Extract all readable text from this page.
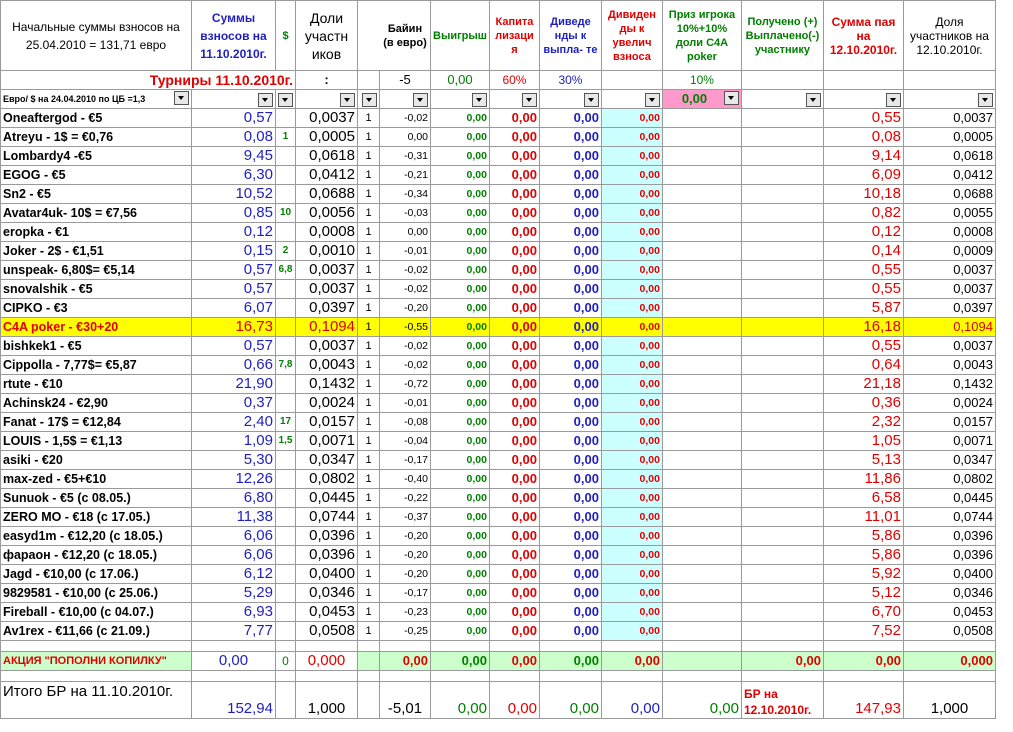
Начальные суммы взносов на 25.04.2010 = 131,71 евро	Суммы взносов на 11.10.2010г.	$	Доли участн иков	Байин (в евро)		Выигрыш	Капита лизаци я	Диведе нды к выпла- те	Дивиден ды к увелич взноса	Приз игрока 10%+10% доли C4A poker	Получено (+) Выплачено(-) участнику	Сумма пая на 12.10.2010г.	Доля участников на 12.10.2010г.
Турниры 11.10.2010г.			:		-5	0,00	60%	30%		10%			
Евро/ $ на 24.04.2010 по ЦБ =1,3										0,00

Oneaftergod - €5	0,57		0,0037	1	-0,02	0,00	0,00	0,00	0,00			0,55	0,0037
Atreyu - 1$ = €0,76	0,08	1	0,0005	1	0,00	0,00	0,00	0,00	0,00			0,08	0,0005
Lombardy4 -€5	9,45		0,0618	1	-0,31	0,00	0,00	0,00	0,00			9,14	0,0618
EGOG - €5	6,30		0,0412	1	-0,21	0,00	0,00	0,00	0,00			6,09	0,0412
Sn2 - €5	10,52		0,0688	1	-0,34	0,00	0,00	0,00	0,00			10,18	0,0688
Avatar4uk- 10$ = €7,56	0,85	10	0,0056	1	-0,03	0,00	0,00	0,00	0,00			0,82	0,0055
eropka - €1	0,12		0,0008	1	0,00	0,00	0,00	0,00	0,00			0,12	0,0008
Joker - 2$ - €1,51	0,15	2	0,0010	1	-0,01	0,00	0,00	0,00	0,00			0,14	0,0009
unspeak- 6,80$= €5,14	0,57	6,8	0,0037	1	-0,02	0,00	0,00	0,00	0,00			0,55	0,0037
snovalshik - €5	0,57		0,0037	1	-0,02	0,00	0,00	0,00	0,00			0,55	0,0037
CIPKO - €3	6,07		0,0397	1	-0,20	0,00	0,00	0,00	0,00			5,87	0,0397
C4A poker - €30+20	16,73		0,1094	1	-0,55	0,00	0,00	0,00	0,00			16,18	0,1094
bishkek1 - €5	0,57		0,0037	1	-0,02	0,00	0,00	0,00	0,00			0,55	0,0037
Cippolla - 7,77$= €5,87	0,66	7,8	0,0043	1	-0,02	0,00	0,00	0,00	0,00			0,64	0,0043
rtute - €10	21,90		0,1432	1	-0,72	0,00	0,00	0,00	0,00			21,18	0,1432
Achinsk24 - €2,90	0,37		0,0024	1	-0,01	0,00	0,00	0,00	0,00			0,36	0,0024
Fanat - 17$ = €12,84	2,40	17	0,0157	1	-0,08	0,00	0,00	0,00	0,00			2,32	0,0157
LOUIS - 1,5$ = €1,13	1,09	1,5	0,0071	1	-0,04	0,00	0,00	0,00	0,00			1,05	0,0071
asiki - €20	5,30		0,0347	1	-0,17	0,00	0,00	0,00	0,00			5,13	0,0347
max-zed - €5+€10	12,26		0,0802	1	-0,40	0,00	0,00	0,00	0,00			11,86	0,0802
Sunuok - €5 (с 08.05.)	6,80		0,0445	1	-0,22	0,00	0,00	0,00	0,00			6,58	0,0445
ZERO MO - €18 (с 17.05.)	11,38		0,0744	1	-0,37	0,00	0,00	0,00	0,00			11,01	0,0744
easyd1m - €12,20 (с 18.05.)	6,06		0,0396	1	-0,20	0,00	0,00	0,00	0,00			5,86	0,0396
фараон - €12,20 (с 18.05.)	6,06		0,0396	1	-0,20	0,00	0,00	0,00	0,00			5,86	0,0396
Jagd - €10,00 (с 17.06.)	6,12		0,0400	1	-0,20	0,00	0,00	0,00	0,00			5,92	0,0400
9829581 - €10,00 (с 25.06.)	5,29		0,0346	1	-0,17	0,00	0,00	0,00	0,00			5,12	0,0346
Fireball - €10,00 (с 04.07.)	6,93		0,0453	1	-0,23	0,00	0,00	0,00	0,00			6,70	0,0453
Av1rex - €11,66 (с 21.09.)	7,77		0,0508	1	-0,25	0,00	0,00	0,00	0,00			7,52	0,0508

АКЦИЯ "ПОПОЛНИ КОПИЛКУ"	0,00	0	0,000		0,00	0,00	0,00	0,00	0,00		0,00	0,00	0,000

Итого БР на 11.10.2010г.	152,94		1,000		-5,01	0,00	0,00	0,00	0,00	0,00	БР на 12.10.2010г.	147,93	1,000
